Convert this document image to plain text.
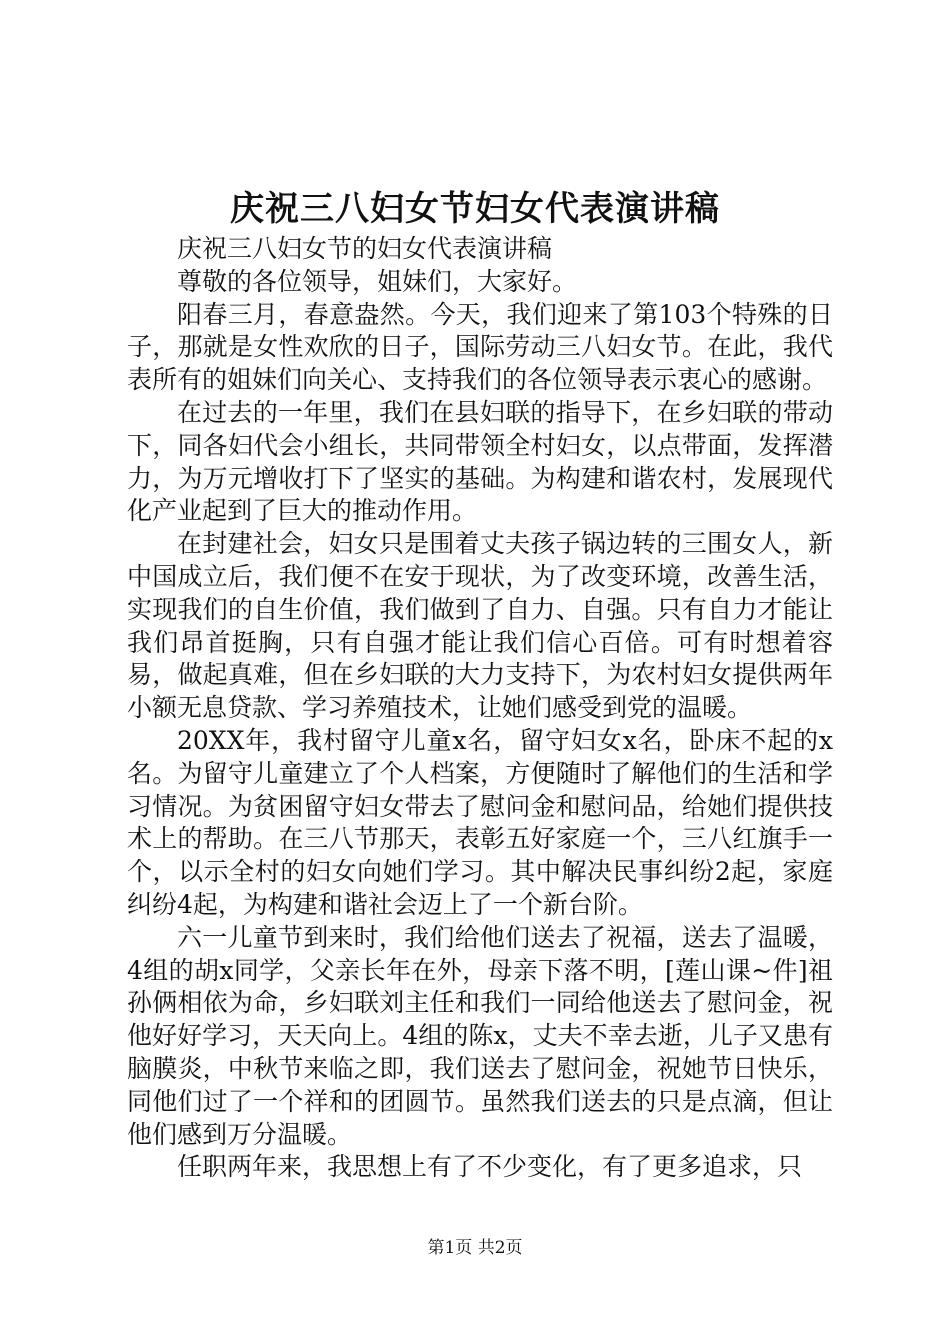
庆祝三八妇女节妇女代表演讲稿

庆祝三八妇女节的妇女代表演讲稿

尊敬的各位领导，姐妹们，大家好。

阳春三月，春意盎然。今天，我们迎来了第103个特殊的日子，那就是女性欢欣的日子，国际劳动三八妇女节。在此，我代表所有的姐妹们向关心、支持我们的各位领导表示衷心的感谢。

在过去的一年里，我们在县妇联的指导下，在乡妇联的带动下，同各妇代会小组长，共同带领全村妇女，以点带面，发挥潜力，为万元增收打下了坚实的基础。为构建和谐农村，发展现代化产业起到了巨大的推动作用。

在封建社会，妇女只是围着丈夫孩子锅边转的三围女人，新中国成立后，我们便不在安于现状，为了改变环境，改善生活，实现我们的自生价值，我们做到了自力、自强。只有自力才能让我们昂首挺胸，只有自强才能让我们信心百倍。可有时想着容易，做起真难，但在乡妇联的大力支持下，为农村妇女提供两年小额无息贷款、学习养殖技术，让她们感受到党的温暖。

20XX年，我村留守儿童x名，留守妇女x名，卧床不起的x名。为留守儿童建立了个人档案，方便随时了解他们的生活和学习情况。为贫困留守妇女带去了慰问金和慰问品，给她们提供技术上的帮助。在三八节那天，表彰五好家庭一个，三八红旗手一个，以示全村的妇女向她们学习。其中解决民事纠纷2起，家庭纠纷4起，为构建和谐社会迈上了一个新台阶。

六一儿童节到来时，我们给他们送去了祝福，送去了温暖，4组的胡x同学，父亲长年在外，母亲下落不明，[莲山课~件]祖孙俩相依为命，乡妇联刘主任和我们一同给他送去了慰问金，祝他好好学习，天天向上。4组的陈x，丈夫不幸去逝，儿子又患有脑膜炎，中秋节来临之即，我们送去了慰问金，祝她节日快乐，同他们过了一个祥和的团圆节。虽然我们送去的只是点滴，但让他们感到万分温暖。

任职两年来，我思想上有了不少变化，有了更多追求，只

第1页 共2页
